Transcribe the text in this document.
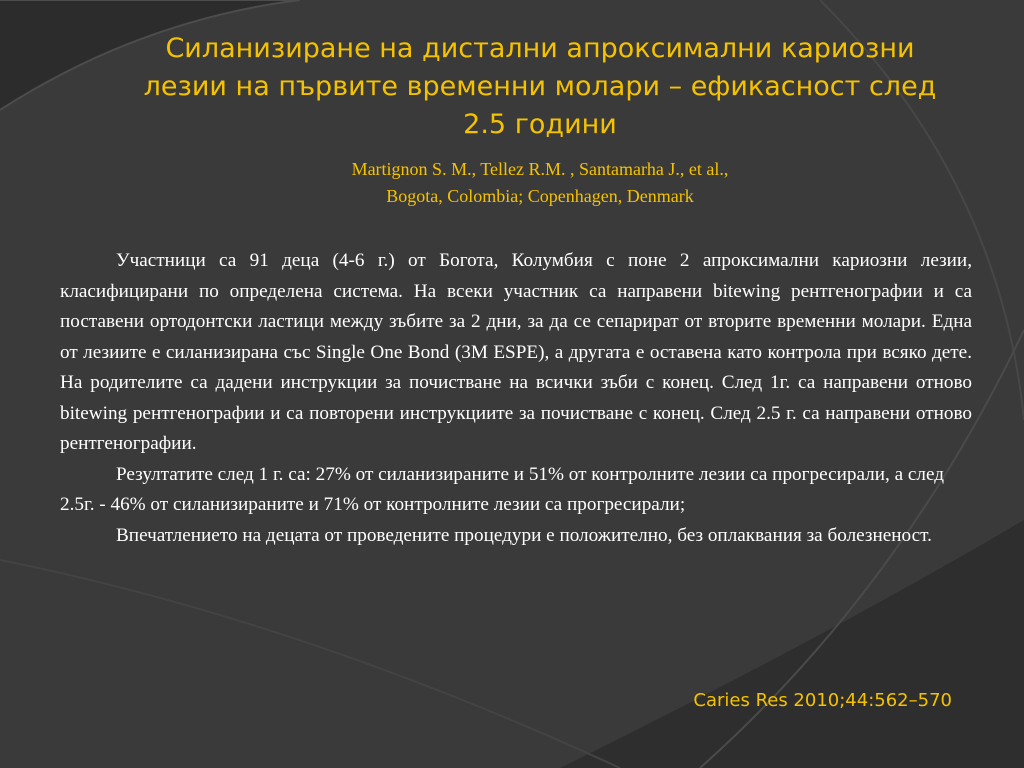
Силанизиране на дистални апроксимални кариозни
лезии на първите временни молари – ефикасност след
2.5 години
Martignon S. M., Tellez R.M. , Santamarha J., et al.,
Bogota, Colombia; Copenhagen, Denmark

Участници са 91 деца (4-6 г.) от Богота, Колумбия с поне 2 апроксимални кариозни лезии, класифицирани по определена система. На всеки участник са направени bitewing рентгенографии и са поставени ортодонтски ластици между зъбите за 2 дни, за да се сепарират от вторите временни молари. Една от лезиите е силанизирана със Single One Bond (3M ESPE), а другата е оставена като контрола при всяко дете. На родителите са дадени инструкции за почистване на всички зъби с конец. След 1г. са направени отново bitewing рентгенографии и са повторени инструкциите за почистване с конец. След 2.5 г. са направени отново рентгенографии.

Резултатите след 1 г. са: 27% от силанизираните и 51% от контролните лезии са прогресирали, а след 2.5г. - 46% от силанизираните и 71% от контролните лезии са прогресирали;

Впечатлението на децата от проведените процедури е положително, без оплаквания за болезненост.

Caries Res 2010;44:562–570
